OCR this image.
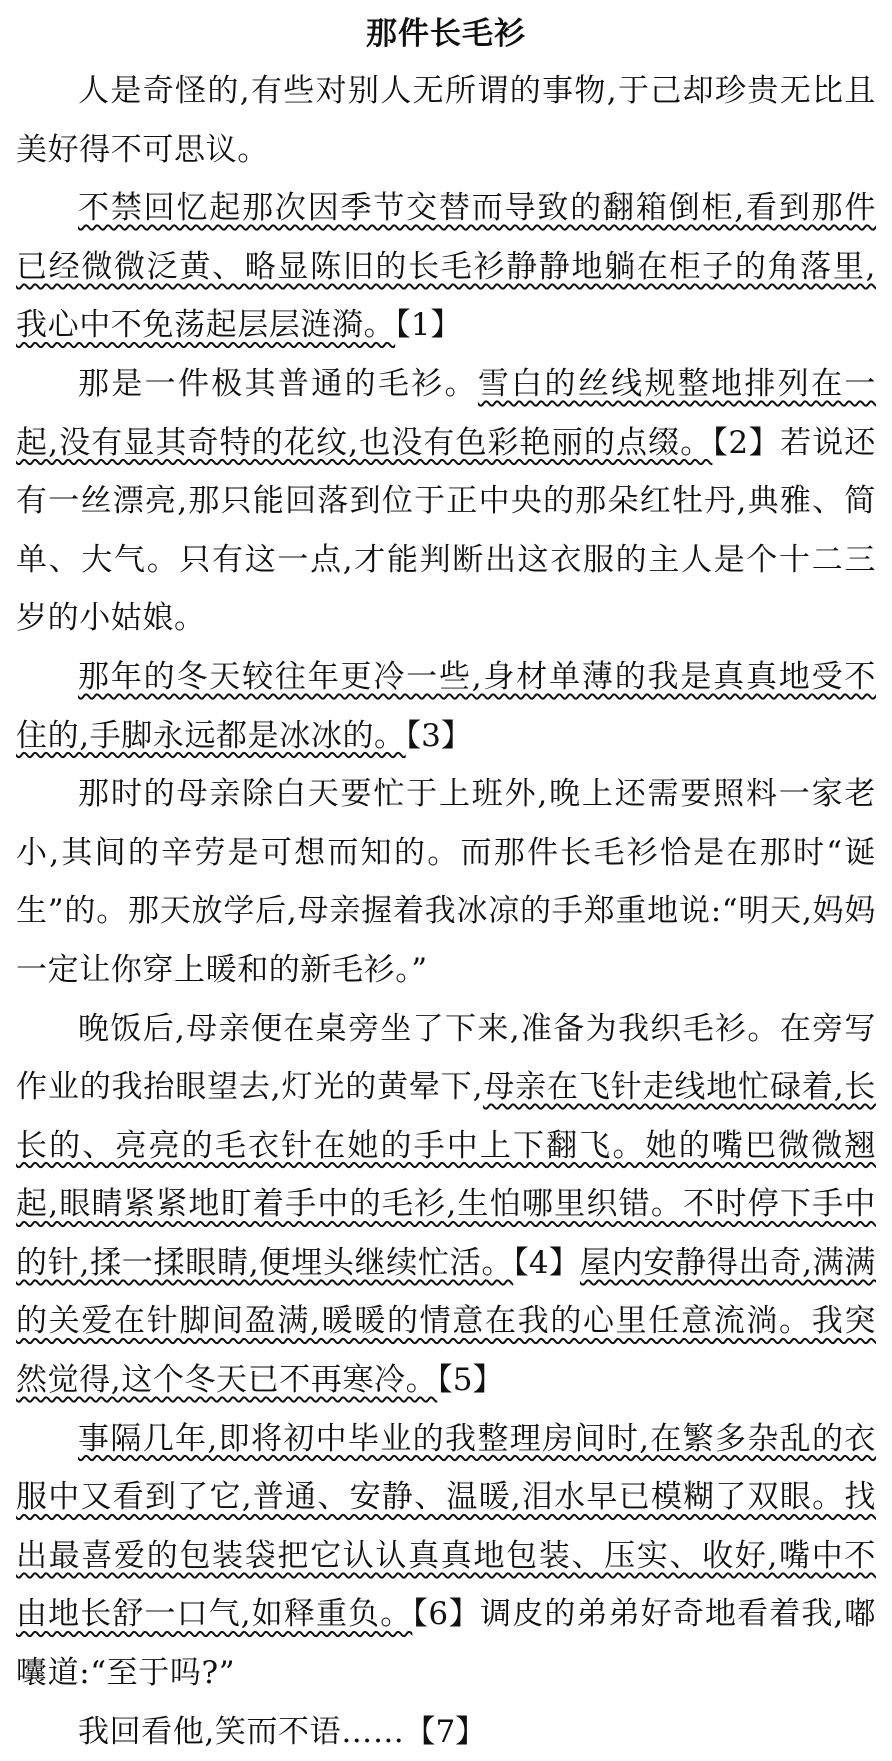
那件长毛衫

人是奇怪的,有些对别人无所谓的事物,于己却珍贵无比且美好得不可思议。

不禁回忆起那次因季节交替而导致的翻箱倒柜,看到那件已经微微泛黄、略显陈旧的长毛衫静静地躺在柜子的角落里,我心中不免荡起层层涟漪。【1】

那是一件极其普通的毛衫。雪白的丝线规整地排列在一起,没有显其奇特的花纹,也没有色彩艳丽的点缀。【2】若说还有一丝漂亮,那只能回落到位于正中央的那朵红牡丹,典雅、简单、大气。只有这一点,才能判断出这衣服的主人是个十二三岁的小姑娘。

那年的冬天较往年更冷一些,身材单薄的我是真真地受不住的,手脚永远都是冰冰的。【3】

那时的母亲除白天要忙于上班外,晚上还需要照料一家老小,其间的辛劳是可想而知的。而那件长毛衫恰是在那时“诞生”的。那天放学后,母亲握着我冰凉的手郑重地说:“明天,妈妈一定让你穿上暖和的新毛衫。”

晚饭后,母亲便在桌旁坐了下来,准备为我织毛衫。在旁写作业的我抬眼望去,灯光的黄晕下,母亲在飞针走线地忙碌着,长长的、亮亮的毛衣针在她的手中上下翻飞。她的嘴巴微微翘起,眼睛紧紧地盯着手中的毛衫,生怕哪里织错。不时停下手中的针,揉一揉眼睛,便埋头继续忙活。【4】屋内安静得出奇,满满的关爱在针脚间盈满,暖暖的情意在我的心里任意流淌。我突然觉得,这个冬天已不再寒冷。【5】

事隔几年,即将初中毕业的我整理房间时,在繁多杂乱的衣服中又看到了它,普通、安静、温暖,泪水早已模糊了双眼。找出最喜爱的包装袋把它认认真真地包装、压实、收好,嘴中不由地长舒一口气,如释重负。【6】调皮的弟弟好奇地看着我,嘟囔道:“至于吗?”

我回看他,笑而不语……【7】
